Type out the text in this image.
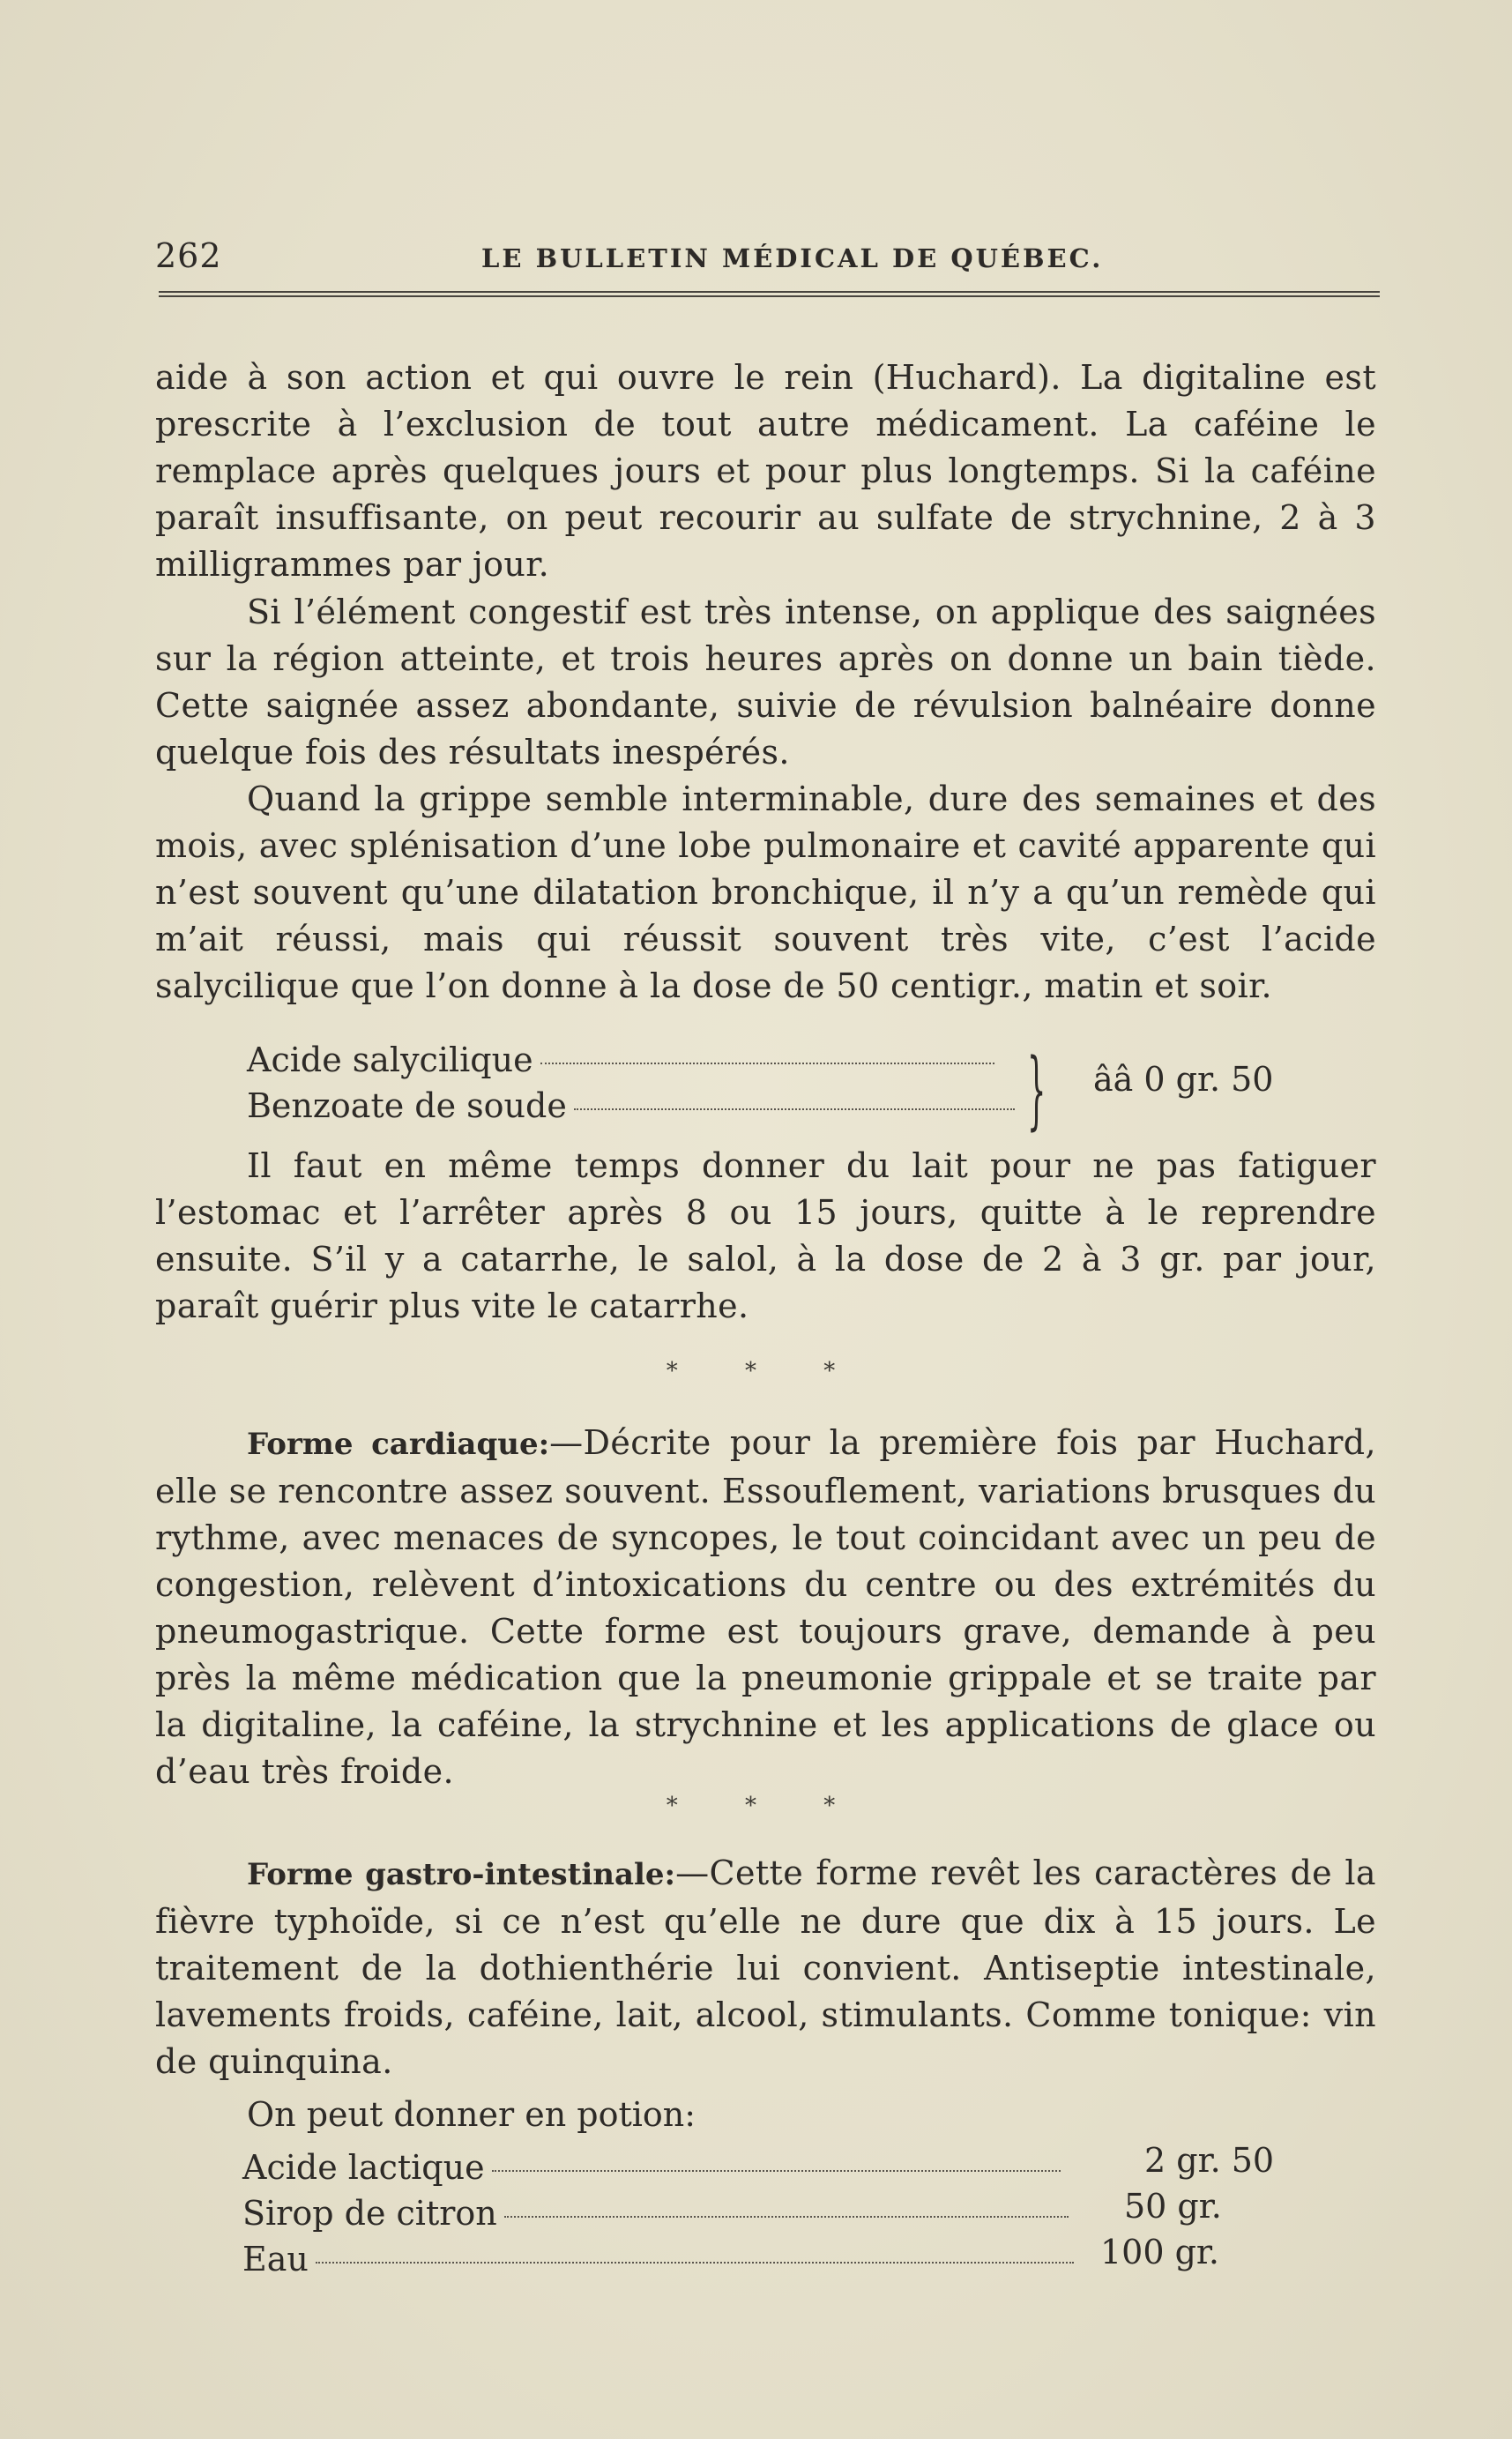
262	LE BULLETIN MÉDICAL DE QUÉBEC.

aide à son action et qui ouvre le rein (Huchard). La digitaline est prescrite à l’exclusion de tout autre médicament. La caféine le remplace après quelques jours et pour plus longtemps. Si la caféine paraît insuffisante, on peut recourir au sulfate de strychnine, 2 à 3 milligrammes par jour.

Si l’élément congestif est très intense, on applique des saignées sur la région atteinte, et trois heures après on donne un bain tiède. Cette saignée assez abondante, suivie de révulsion balnéaire donne quelque fois des résultats inespérés.

Quand la grippe semble interminable, dure des semaines et des mois, avec splénisation d’une lobe pulmonaire et cavité apparente qui n’est souvent qu’une dilatation bronchique, il n’y a qu’un remède qui m’ait réussi, mais qui réussit souvent très vite, c’est l’acide salycilique que l’on donne à la dose de 50 centigr., matin et soir.

Acide salycilique
Benzoate de soude	} ââ 0 gr. 50

Il faut en même temps donner du lait pour ne pas fatiguer l’estomac et l’arrêter après 8 ou 15 jours, quitte à le reprendre ensuite. S’il y a catarrhe, le salol, à la dose de 2 à 3 gr. par jour, paraît guérir plus vite le catarrhe.

* * *

Forme cardiaque:—Décrite pour la première fois par Huchard, elle se rencontre assez souvent. Essouflement, variations brusques du rythme, avec menaces de syncopes, le tout coincidant avec un peu de congestion, relèvent d’intoxications du centre ou des extrémités du pneumogastrique. Cette forme est toujours grave, demande à peu près la même médication que la pneumonie grippale et se traite par la digitaline, la caféine, la strychnine et les applications de glace ou d’eau très froide.

* * *

Forme gastro-intestinale:—Cette forme revêt les caractères de la fièvre typhoïde, si ce n’est qu’elle ne dure que dix à 15 jours. Le traitement de la dothienthérie lui convient. Antiseptie intestinale, lavements froids, caféine, lait, alcool, stimulants. Comme tonique: vin de quinquina.

On peut donner en potion:
Acide lactique	2 gr. 50
Sirop de citron	50 gr.
Eau	100 gr.
